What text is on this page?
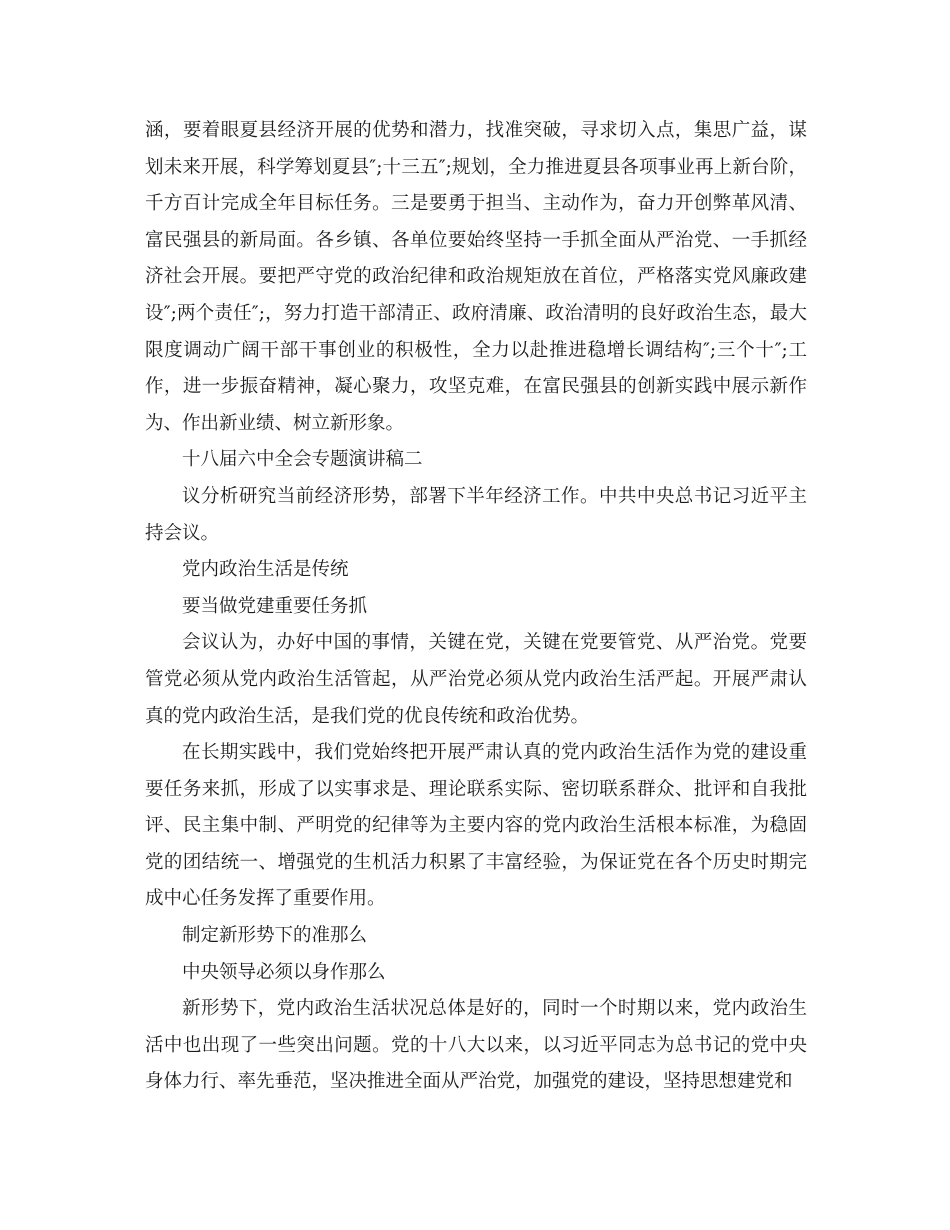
涵，要着眼夏县经济开展的优势和潜力，找准突破，寻求切入点，集思广益，谋划未来开展，科学筹划夏县″;十三五″;规划，全力推进夏县各项事业再上新台阶，千方百计完成全年目标任务。三是要勇于担当、主动作为，奋力开创弊革风清、富民强县的新局面。各乡镇、各单位要始终坚持一手抓全面从严治党、一手抓经济社会开展。要把严守党的政治纪律和政治规矩放在首位，严格落实党风廉政建设″;两个责任″;，努力打造干部清正、政府清廉、政治清明的良好政治生态，最大限度调动广阔干部干事创业的积极性，全力以赴推进稳增长调结构″;三个十″;工作，进一步振奋精神，凝心聚力，攻坚克难，在富民强县的创新实践中展示新作为、作出新业绩、树立新形象。

十八届六中全会专题演讲稿二

议分析研究当前经济形势，部署下半年经济工作。中共中央总书记习近平主持会议。

党内政治生活是传统

要当做党建重要任务抓

会议认为，办好中国的事情，关键在党，关键在党要管党、从严治党。党要管党必须从党内政治生活管起，从严治党必须从党内政治生活严起。开展严肃认真的党内政治生活，是我们党的优良传统和政治优势。

在长期实践中，我们党始终把开展严肃认真的党内政治生活作为党的建设重要任务来抓，形成了以实事求是、理论联系实际、密切联系群众、批评和自我批评、民主集中制、严明党的纪律等为主要内容的党内政治生活根本标准，为稳固党的团结统一、增强党的生机活力积累了丰富经验，为保证党在各个历史时期完成中心任务发挥了重要作用。

制定新形势下的准那么

中央领导必须以身作那么

新形势下，党内政治生活状况总体是好的，同时一个时期以来，党内政治生活中也出现了一些突出问题。党的十八大以来，以习近平同志为总书记的党中央身体力行、率先垂范，坚决推进全面从严治党，加强党的建设，坚持思想建党和
